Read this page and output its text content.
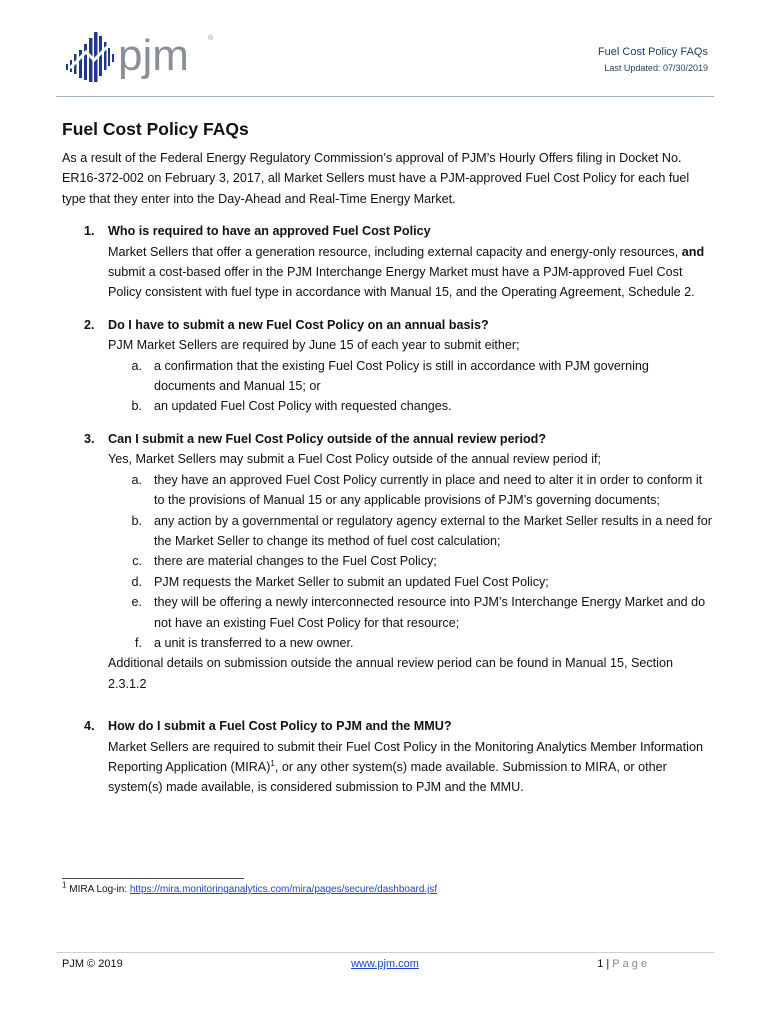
pjm	®
Fuel Cost Policy FAQs
Last Updated: 07/30/2019
Fuel Cost Policy FAQs

As a result of the Federal Energy Regulatory Commission’s approval of PJM’s Hourly Offers filing in Docket No. ER16-372-002 on February 3, 2017, all Market Sellers must have a PJM-approved Fuel Cost Policy for each fuel type that they enter into the Day-Ahead and Real-Time Energy Market.

1.	Who is required to have an approved Fuel Cost Policy
Market Sellers that offer a generation resource, including external capacity and energy-only resources, and submit a cost-based offer in the PJM Interchange Energy Market must have a PJM-approved Fuel Cost Policy consistent with fuel type in accordance with Manual 15, and the Operating Agreement, Schedule 2.
2.	Do I have to submit a new Fuel Cost Policy on an annual basis?
PJM Market Sellers are required by June 15 of each year to submit either;
a. a confirmation that the existing Fuel Cost Policy is still in accordance with PJM governing documents and Manual 15; or
b. an updated Fuel Cost Policy with requested changes.
3.	Can I submit a new Fuel Cost Policy outside of the annual review period?
Yes, Market Sellers may submit a Fuel Cost Policy outside of the annual review period if;
a. they have an approved Fuel Cost Policy currently in place and need to alter it in order to conform it to the provisions of Manual 15 or any applicable provisions of PJM’s governing documents;
b. any action by a governmental or regulatory agency external to the Market Seller results in a need for the Market Seller to change its method of fuel cost calculation;
c. there are material changes to the Fuel Cost Policy;
d. PJM requests the Market Seller to submit an updated Fuel Cost Policy;
e. they will be offering a newly interconnected resource into PJM’s Interchange Energy Market and do not have an existing Fuel Cost Policy for that resource;
f. a unit is transferred to a new owner.
Additional details on submission outside the annual review period can be found in Manual 15, Section 2.3.1.2
4.	How do I submit a Fuel Cost Policy to PJM and the MMU?
Market Sellers are required to submit their Fuel Cost Policy in the Monitoring Analytics Member Information Reporting Application (MIRA)$^1$, or any other system(s) made available. Submission to MIRA, or other system(s) made available, is considered submission to PJM and the MMU.
$^1$ MIRA Log-in: https://mira.monitoringanalytics.com/mira/pages/secure/dashboard.jsf
PJM © 2019	www.pjm.com	1 | Page
